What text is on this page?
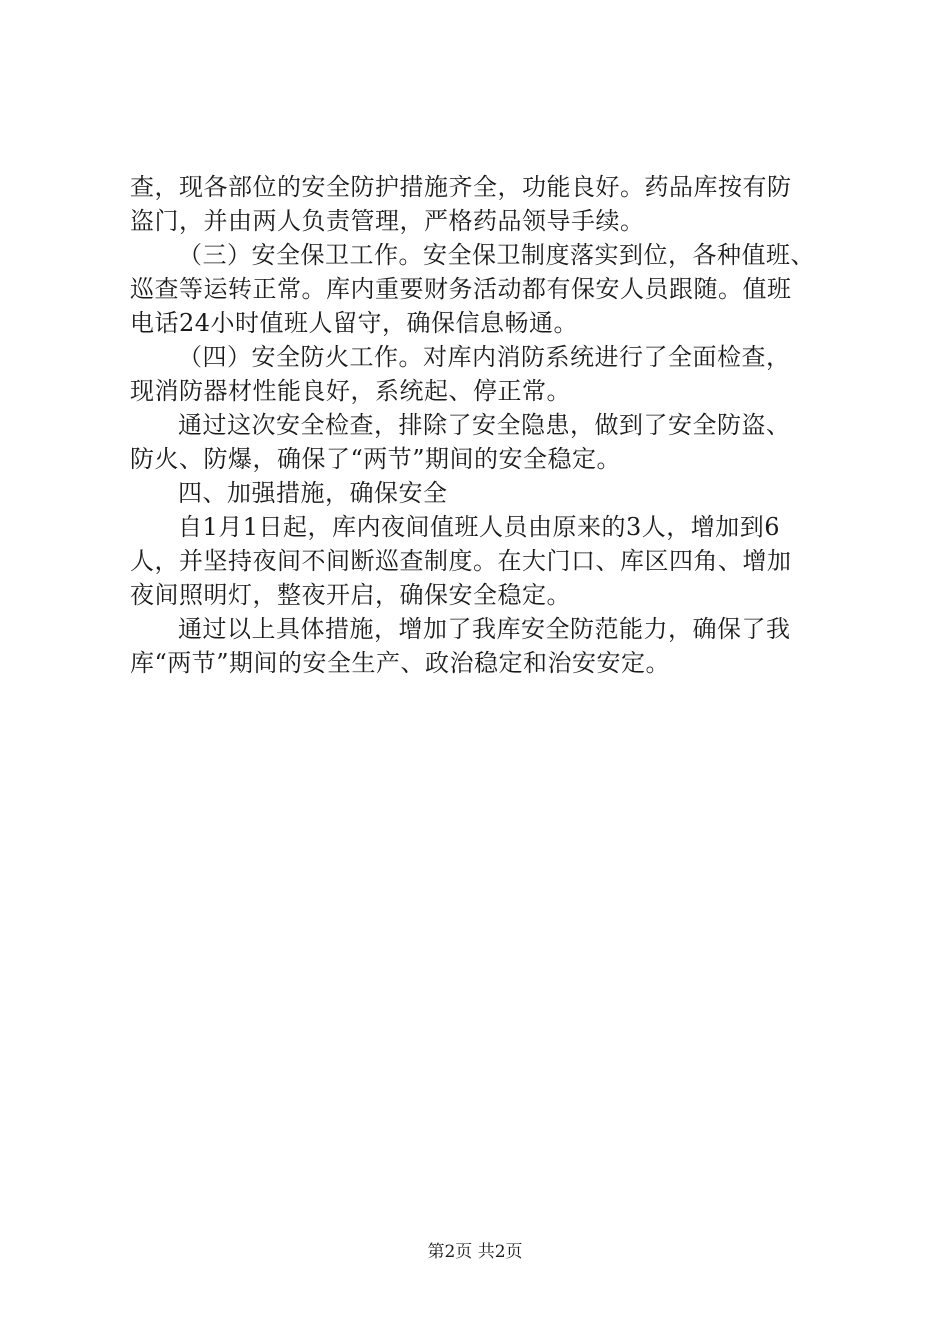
查，现各部位的安全防护措施齐全，功能良好。药品库按有防
盗门，并由两人负责管理，严格药品领导手续。
（三）安全保卫工作。安全保卫制度落实到位，各种值班、
巡查等运转正常。库内重要财务活动都有保安人员跟随。值班
电话24小时值班人留守，确保信息畅通。
（四）安全防火工作。对库内消防系统进行了全面检查，
现消防器材性能良好，系统起、停正常。
通过这次安全检查，排除了安全隐患，做到了安全防盗、
防火、防爆，确保了“两节”期间的安全稳定。
四、加强措施，确保安全
自1月1日起，库内夜间值班人员由原来的3人，增加到6
人，并坚持夜间不间断巡查制度。在大门口、库区四角、增加
夜间照明灯，整夜开启，确保安全稳定。
通过以上具体措施，增加了我库安全防范能力，确保了我
库“两节”期间的安全生产、政治稳定和治安安定。
第2页 共2页
